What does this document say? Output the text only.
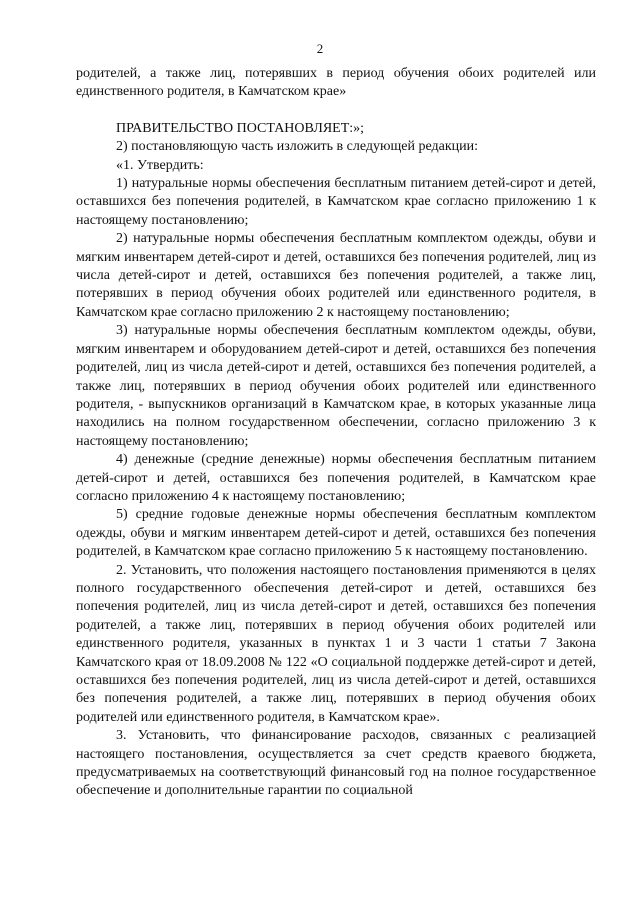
2

родителей, а также лиц, потерявших в период обучения обоих родителей или единственного родителя, в Камчатском крае»

ПРАВИТЕЛЬСТВО ПОСТАНОВЛЯЕТ:»;

2) постановляющую часть изложить в следующей редакции:

«1. Утвердить:

1) натуральные нормы обеспечения бесплатным питанием детей-сирот и детей, оставшихся без попечения родителей, в Камчатском крае согласно приложению 1 к настоящему постановлению;

2) натуральные нормы обеспечения бесплатным комплектом одежды, обуви и мягким инвентарем детей-сирот и детей, оставшихся без попечения родителей, лиц из числа детей-сирот и детей, оставшихся без попечения родителей, а также лиц, потерявших в период обучения обоих родителей или единственного родителя, в Камчатском крае согласно приложению 2 к настоящему постановлению;

3) натуральные нормы обеспечения бесплатным комплектом одежды, обуви, мягким инвентарем и оборудованием детей-сирот и детей, оставшихся без попечения родителей, лиц из числа детей-сирот и детей, оставшихся без попечения родителей, а также лиц, потерявших в период обучения обоих родителей или единственного родителя, - выпускников организаций в Камчатском крае, в которых указанные лица находились на полном государственном обеспечении, согласно приложению 3 к настоящему постановлению;

4) денежные (средние денежные) нормы обеспечения бесплатным питанием детей-сирот и детей, оставшихся без попечения родителей, в Камчатском крае согласно приложению 4 к настоящему постановлению;

5) средние годовые денежные нормы обеспечения бесплатным комплектом одежды, обуви и мягким инвентарем детей-сирот и детей, оставшихся без попечения родителей, в Камчатском крае согласно приложению 5 к настоящему постановлению.

2. Установить, что положения настоящего постановления применяются в целях полного государственного обеспечения детей-сирот и детей, оставшихся без попечения родителей, лиц из числа детей-сирот и детей, оставшихся без попечения родителей, а также лиц, потерявших в период обучения обоих родителей или единственного родителя, указанных в пунктах 1 и 3 части 1 статьи 7 Закона Камчатского края от 18.09.2008 № 122 «О социальной поддержке детей-сирот и детей, оставшихся без попечения родителей, лиц из числа детей-сирот и детей, оставшихся без попечения родителей, а также лиц, потерявших в период обучения обоих родителей или единственного родителя, в Камчатском крае».

3. Установить, что финансирование расходов, связанных с реализацией настоящего постановления, осуществляется за счет средств краевого бюджета, предусматриваемых на соответствующий финансовый год на полное государственное обеспечение и дополнительные гарантии по социальной
